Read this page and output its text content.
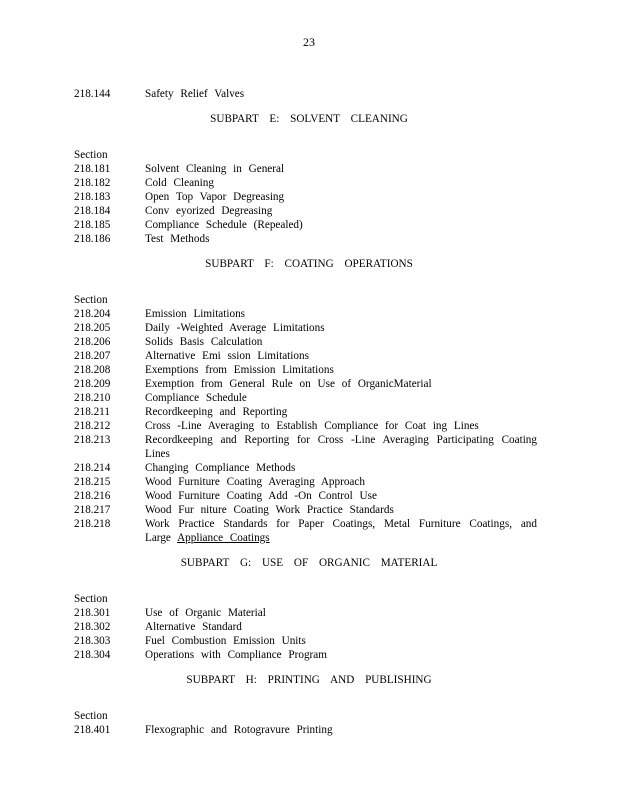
23
218.144	Safety Relief Valves
SUBPART E: SOLVENT CLEANING
Section
218.181	Solvent Cleaning in General
218.182	Cold Cleaning
218.183	Open Top Vapor Degreasing
218.184	Conv eyorized Degreasing
218.185	Compliance Schedule (Repealed)
218.186	Test Methods
SUBPART F: COATING OPERATIONS
Section
218.204	Emission Limitations
218.205	Daily -Weighted Average Limitations
218.206	Solids Basis Calculation
218.207	Alternative Emi ssion Limitations
218.208	Exemptions from Emission Limitations
218.209	Exemption from General Rule on Use of OrganicMaterial
218.210	Compliance Schedule
218.211	Recordkeeping and Reporting
218.212	Cross -Line Averaging to Establish Compliance for Coat ing Lines
218.213	Recordkeeping and Reporting for Cross -Line Averaging Participating Coating Lines
218.214	Changing Compliance Methods
218.215	Wood Furniture Coating Averaging Approach
218.216	Wood Furniture Coating Add -On Control Use
218.217	Wood Fur niture Coating Work Practice Standards
218.218	Work Practice Standards for Paper Coatings, Metal Furniture Coatings, and Large Appliance Coatings
SUBPART G: USE OF ORGANIC MATERIAL
Section
218.301	Use of Organic Material
218.302	Alternative Standard
218.303	Fuel Combustion Emission Units
218.304	Operations with Compliance Program
SUBPART H: PRINTING AND PUBLISHING
Section
218.401	Flexographic and Rotogravure Printing
